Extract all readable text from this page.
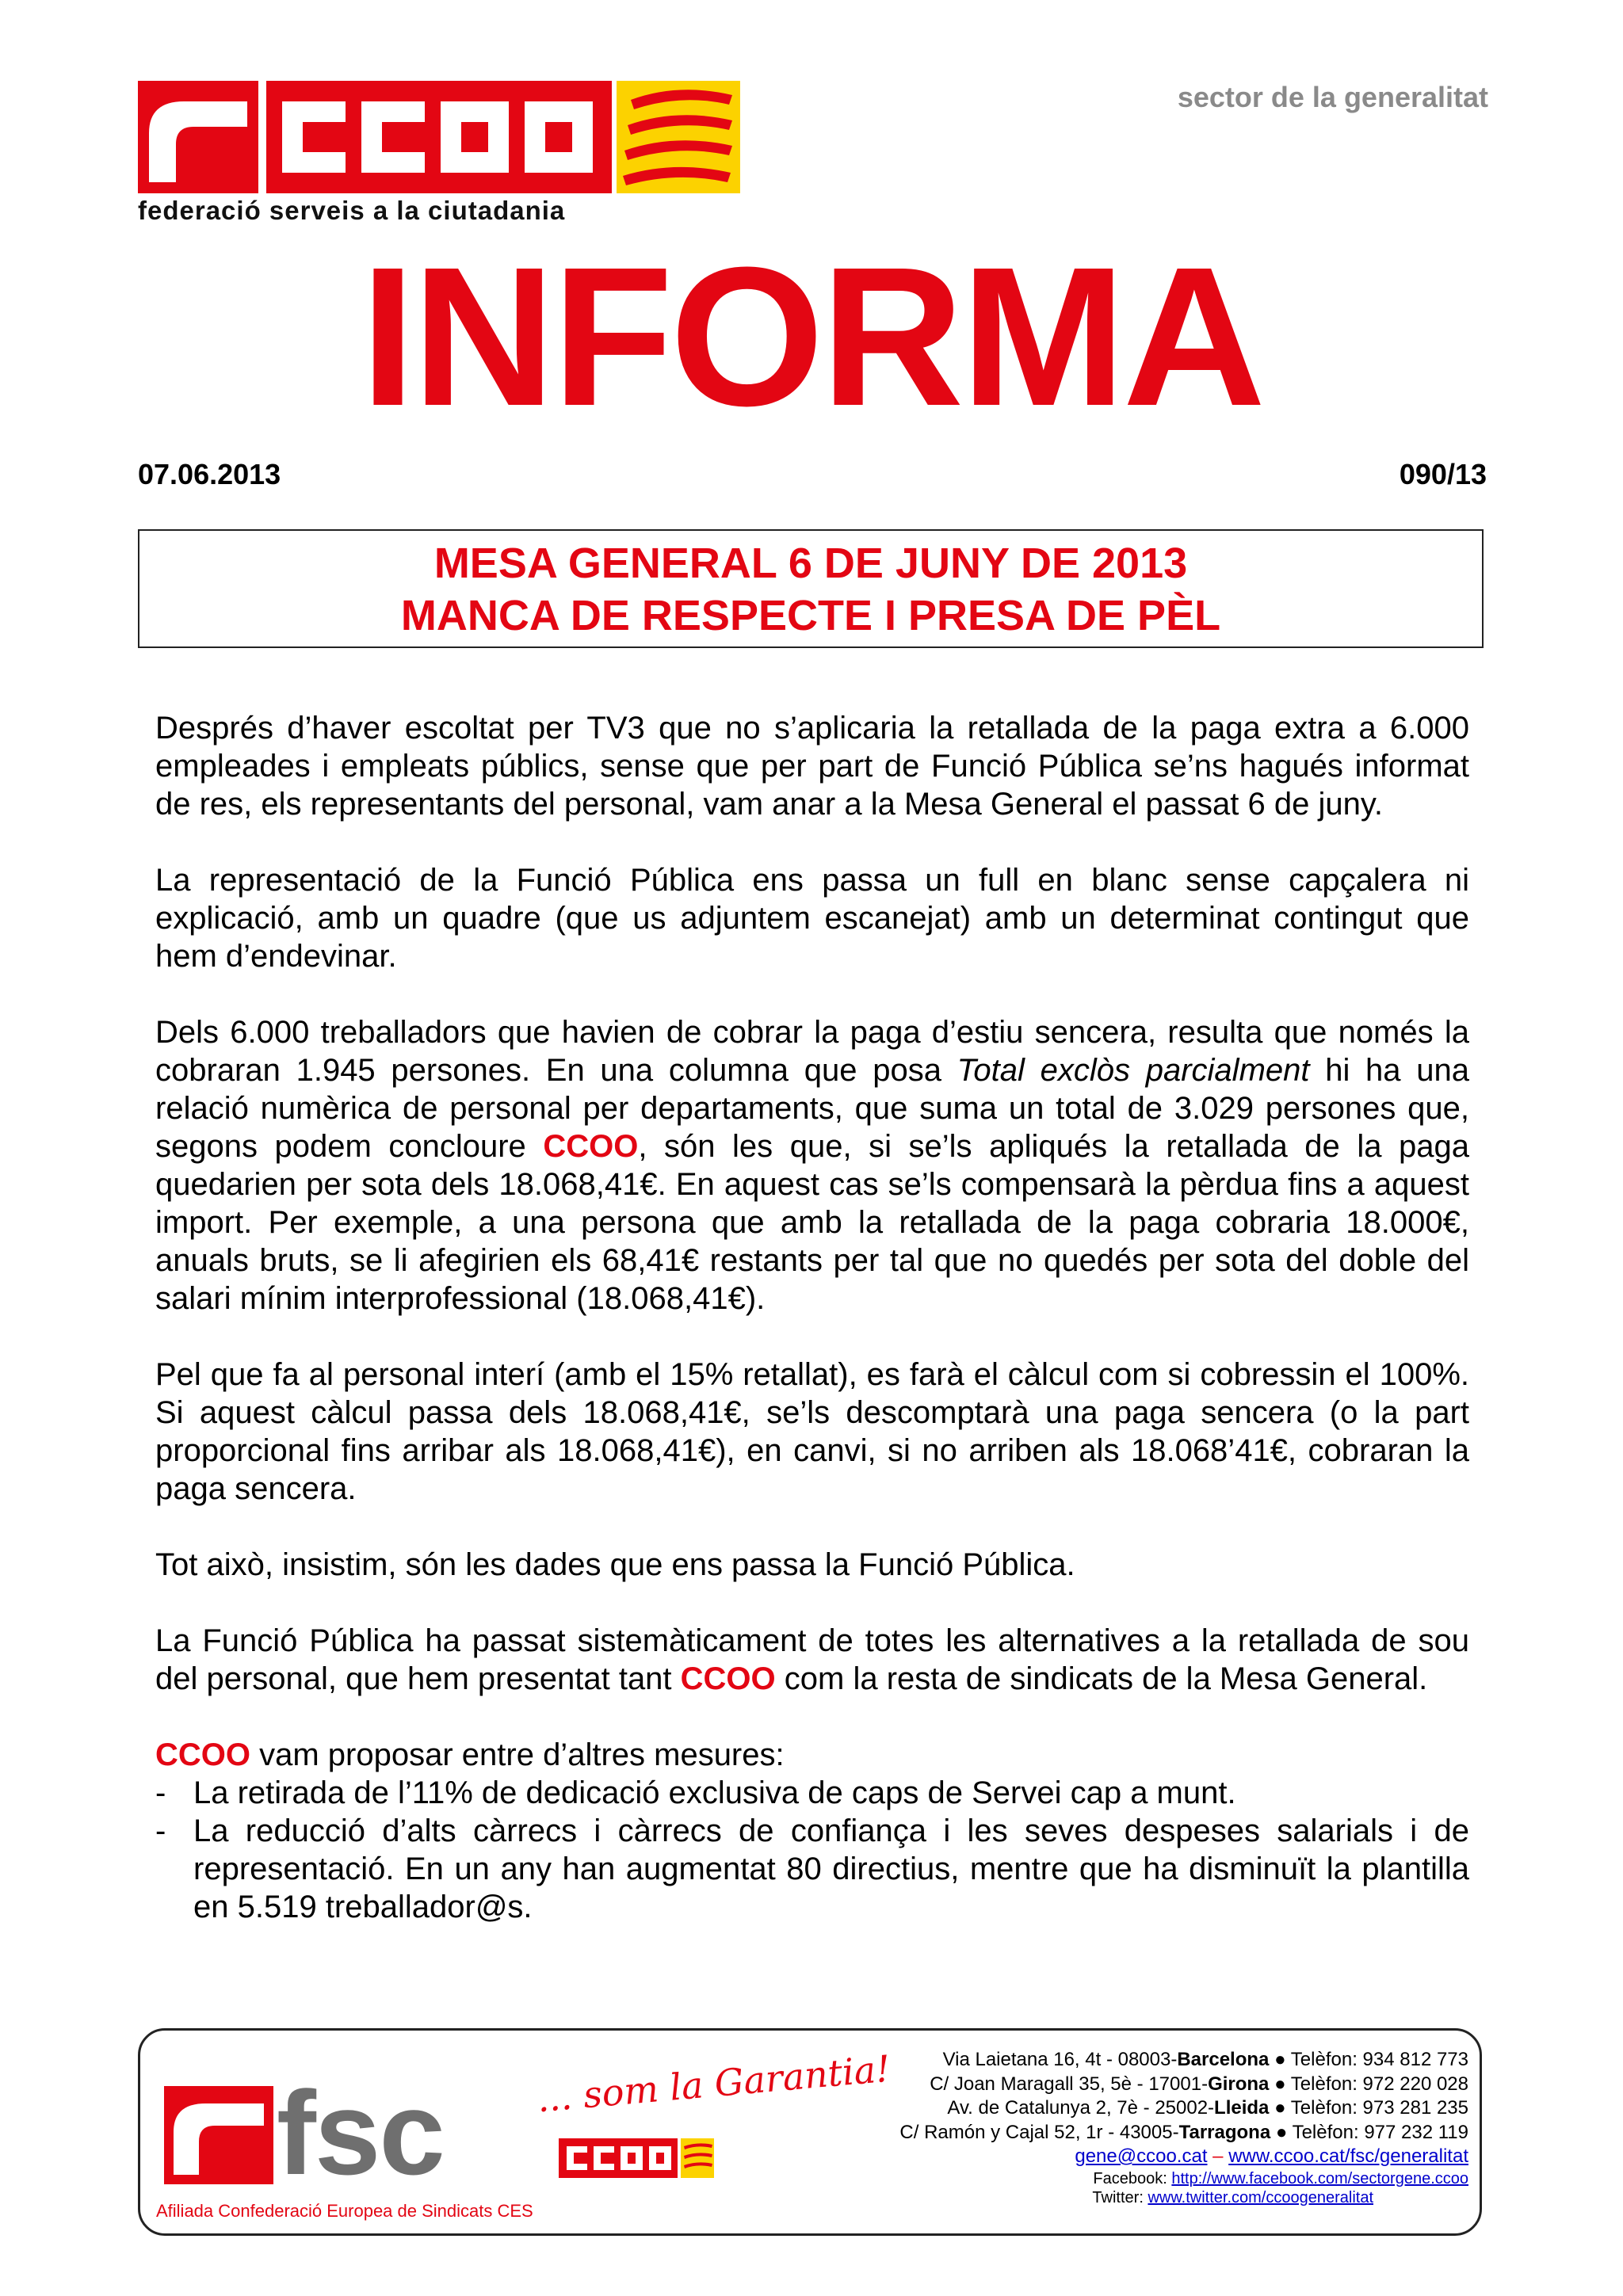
federació serveis a la ciutadania
sector de la generalitat
INFORMA
07.06.2013	090/13
MESA GENERAL 6 DE JUNY DE 2013
MANCA DE RESPECTE I PRESA DE PÈL

Després d’haver escoltat per TV3 que no s’aplicaria la retallada de la paga extra a 6.000 empleades i empleats públics, sense que per part de Funció Pública se’ns hagués informat de res, els representants del personal, vam anar a la Mesa General el passat 6 de juny.

La representació de la Funció Pública ens passa un full en blanc sense capçalera ni explicació, amb un quadre (que us adjuntem escanejat) amb un determinat contingut que hem d’endevinar.

Dels 6.000 treballadors que havien de cobrar la paga d’estiu sencera, resulta que només la cobraran 1.945 persones. En una columna que posa Total exclòs parcialment hi ha una relació numèrica de personal per departaments, que suma un total de 3.029 persones que, segons podem concloure CCOO, són les que, si se’ls apliqués la retallada de la paga quedarien per sota dels 18.068,41€. En aquest cas se’ls compensarà la pèrdua fins a aquest import. Per exemple, a una persona que amb la retallada de la paga cobraria 18.000€, anuals bruts, se li afegirien els 68,41€ restants per tal que no quedés per sota del doble del salari mínim interprofessional (18.068,41€).

Pel que fa al personal interí (amb el 15% retallat), es farà el càlcul com si cobressin el 100%. Si aquest càlcul passa dels 18.068,41€, se’ls descomptarà una paga sencera (o la part proporcional fins arribar als 18.068,41€), en canvi, si no arriben als 18.068’41€, cobraran la paga sencera.

Tot això, insistim, són les dades que ens passa la Funció Pública.

La Funció Pública ha passat sistemàticament de totes les alternatives a la retallada de sou del personal, que hem presentat tant CCOO com la resta de sindicats de la Mesa General.

CCOO vam proposar entre d’altres mesures:
- La retirada de l’11% de dedicació exclusiva de caps de Servei cap a munt.
- La reducció d’alts càrrecs i càrrecs de confiança i les seves despeses salarials i de representació. En un any han augmentat 80 directius, mentre que ha disminuït la plantilla en 5.519 treballador@s.
fsc	... som la Garantia!
Afiliada Confederació Europea de Sindicats CES
Via Laietana 16, 4t - 08003-Barcelona ● Telèfon: 934 812 773
C/ Joan Maragall 35, 5è - 17001-Girona ● Telèfon: 972 220 028
Av. de Catalunya 2, 7è - 25002-Lleida ● Telèfon: 973 281 235
C/ Ramón y Cajal 52, 1r - 43005-Tarragona ● Telèfon: 977 232 119
gene@ccoo.cat – www.ccoo.cat/fsc/generalitat
Facebook: http://www.facebook.com/sectorgene.ccoo
Twitter: www.twitter.com/ccoogeneralitat
